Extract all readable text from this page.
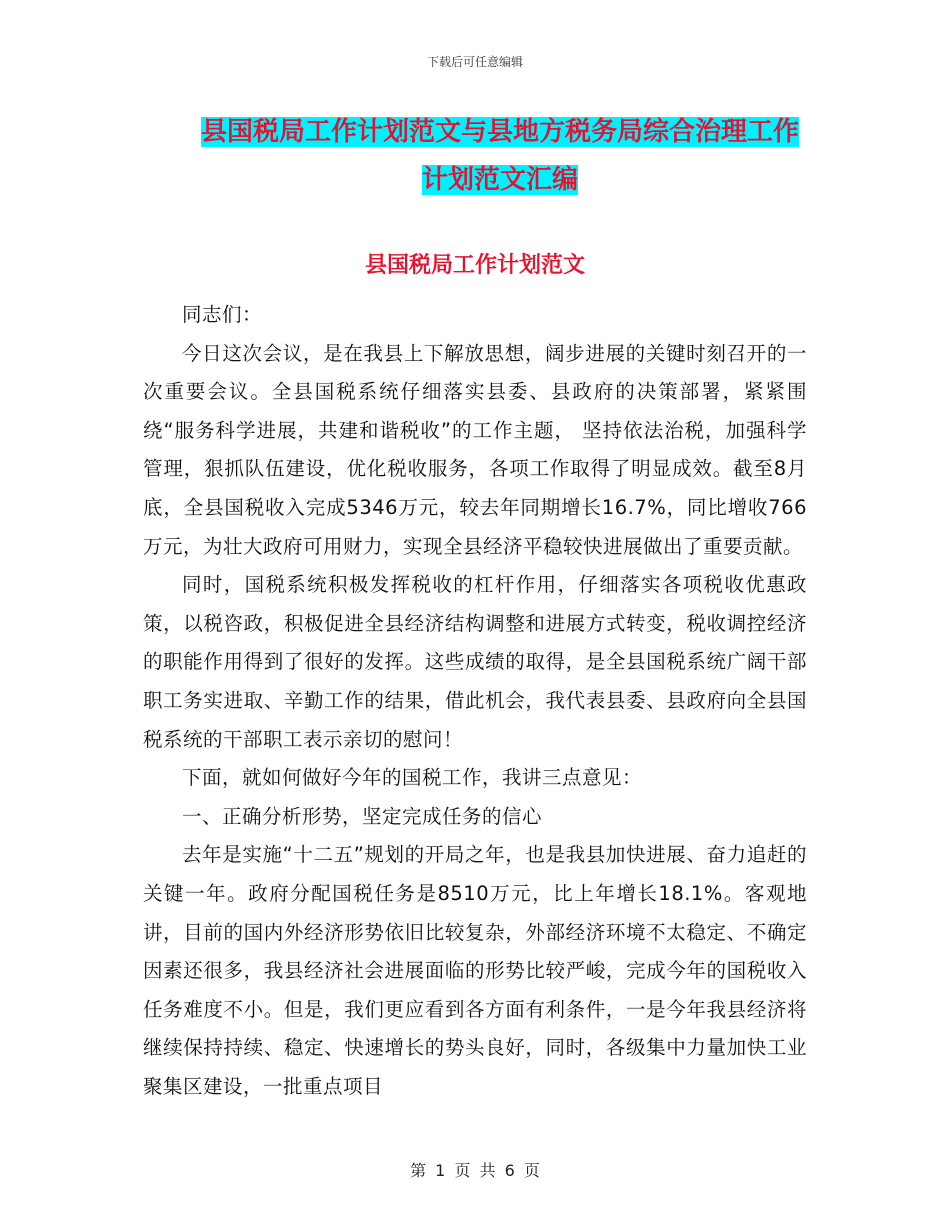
下载后可任意编辑
县国税局工作计划范文与县地方税务局综合治理工作
计划范文汇编
县国税局工作计划范文

同志们：

今日这次会议，是在我县上下解放思想，阔步进展的关键时刻召开的一次重要会议。全县国税系统仔细落实县委、县政府的决策部署，紧紧围绕“服务科学进展，共建和谐税收”的工作主题， 坚持依法治税，加强科学管理，狠抓队伍建设，优化税收服务，各项工作取得了明显成效。截至8月底，全县国税收入完成5346万元，较去年同期增长16.7%，同比增收766万元，为壮大政府可用财力，实现全县经济平稳较快进展做出了重要贡献。

同时，国税系统积极发挥税收的杠杆作用，仔细落实各项税收优惠政策，以税咨政，积极促进全县经济结构调整和进展方式转变，税收调控经济的职能作用得到了很好的发挥。这些成绩的取得，是全县国税系统广阔干部职工务实进取、辛勤工作的结果，借此机会，我代表县委、县政府向全县国税系统的干部职工表示亲切的慰问！

下面，就如何做好今年的国税工作，我讲三点意见：

一、正确分析形势，坚定完成任务的信心

去年是实施“十二五”规划的开局之年，也是我县加快进展、奋力追赶的关键一年。政府分配国税任务是8510万元，比上年增长18.1%。客观地讲，目前的国内外经济形势依旧比较复杂，外部经济环境不太稳定、不确定因素还很多，我县经济社会进展面临的形势比较严峻，完成今年的国税收入任务难度不小。但是，我们更应看到各方面有利条件，一是今年我县经济将继续保持持续、稳定、快速增长的势头良好，同时，各级集中力量加快工业聚集区建设，一批重点项目

第 1 页 共 6 页
